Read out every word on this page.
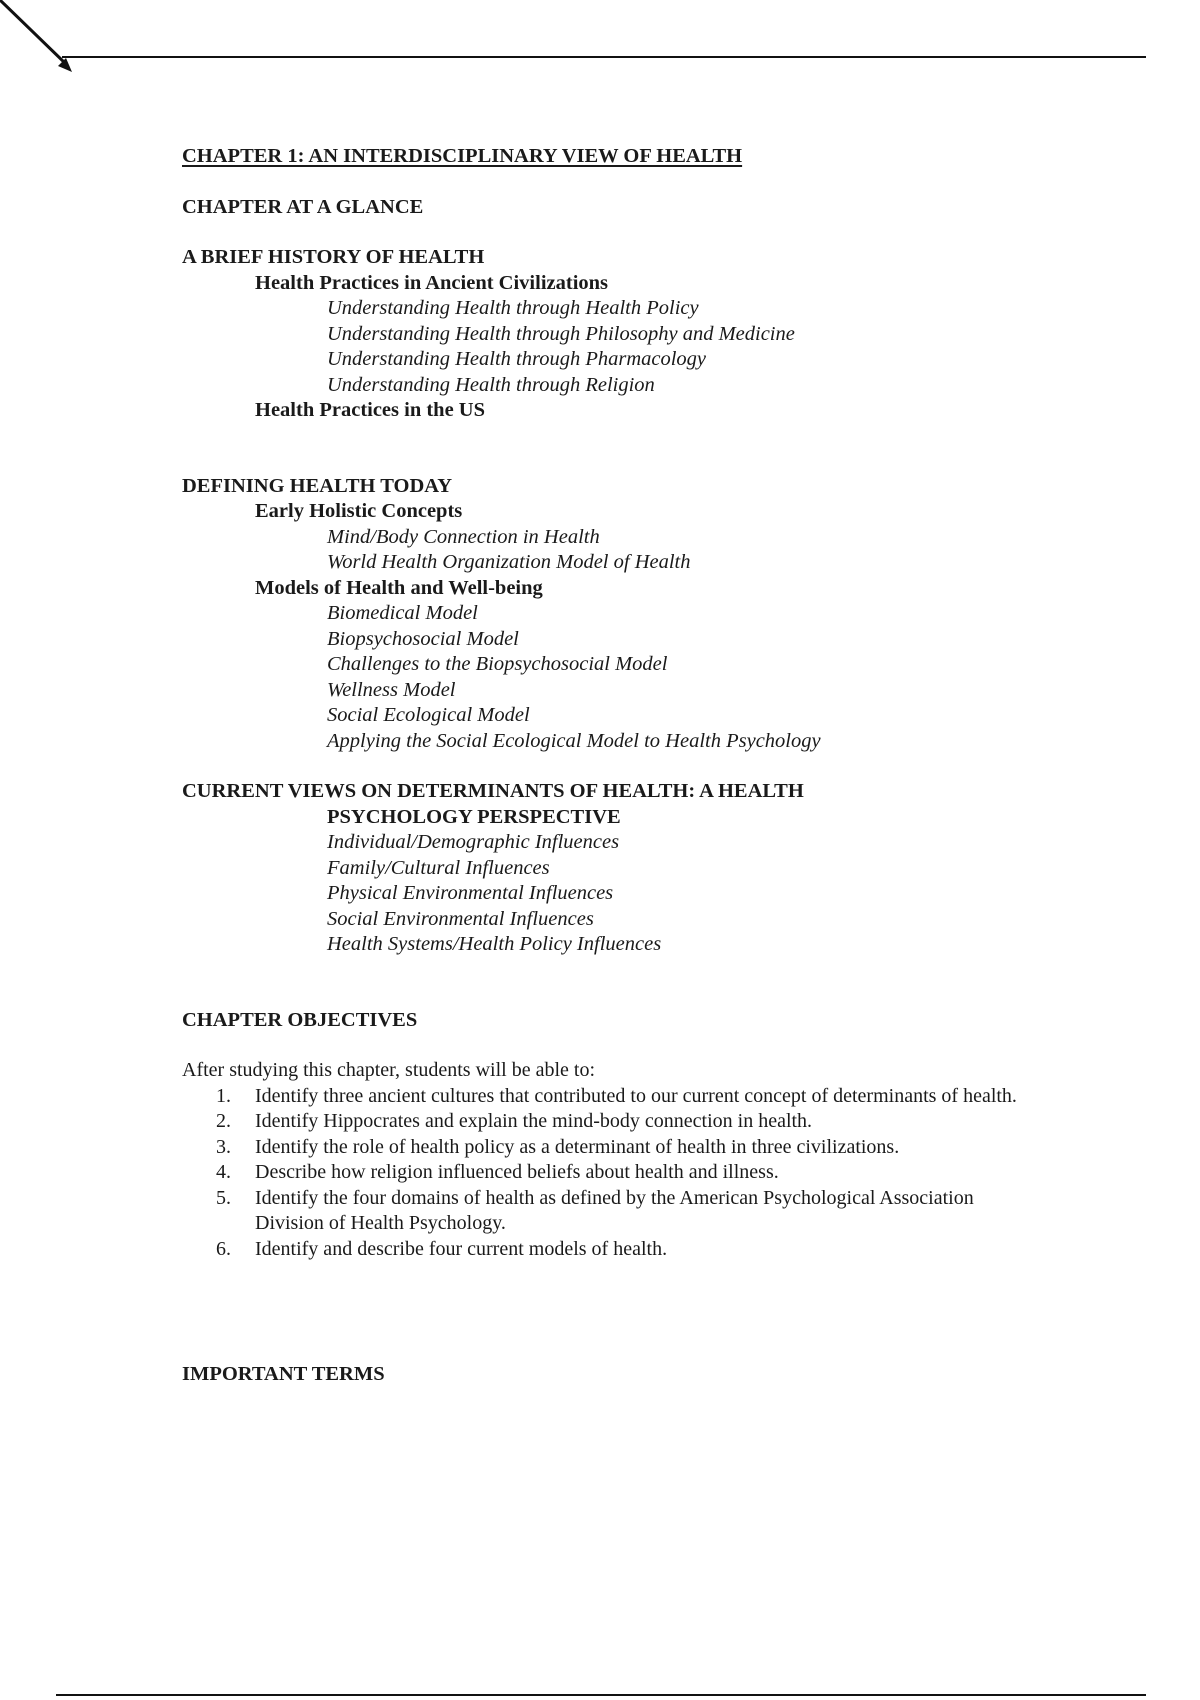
CHAPTER 1: AN INTERDISCIPLINARY VIEW OF HEALTH
CHAPTER AT A GLANCE
A BRIEF HISTORY OF HEALTH
Health Practices in Ancient Civilizations
Understanding Health through Health Policy
Understanding Health through Philosophy and Medicine
Understanding Health through Pharmacology
Understanding Health through Religion
Health Practices in the US
DEFINING HEALTH TODAY
Early Holistic Concepts
Mind/Body Connection in Health
World Health Organization Model of Health
Models of Health and Well-being
Biomedical Model
Biopsychosocial Model
Challenges to the Biopsychosocial Model
Wellness Model
Social Ecological Model
Applying the Social Ecological Model to Health Psychology
CURRENT VIEWS ON DETERMINANTS OF HEALTH: A HEALTH
PSYCHOLOGY PERSPECTIVE
Individual/Demographic Influences
Family/Cultural Influences
Physical Environmental Influences
Social Environmental Influences
Health Systems/Health Policy Influences
CHAPTER OBJECTIVES
After studying this chapter, students will be able to:
1. Identify three ancient cultures that contributed to our current concept of determinants of health.
2. Identify Hippocrates and explain the mind-body connection in health.
3. Identify the role of health policy as a determinant of health in three civilizations.
4. Describe how religion influenced beliefs about health and illness.
5. Identify the four domains of health as defined by the American Psychological Association Division of Health Psychology.
6. Identify and describe four current models of health.
IMPORTANT TERMS
